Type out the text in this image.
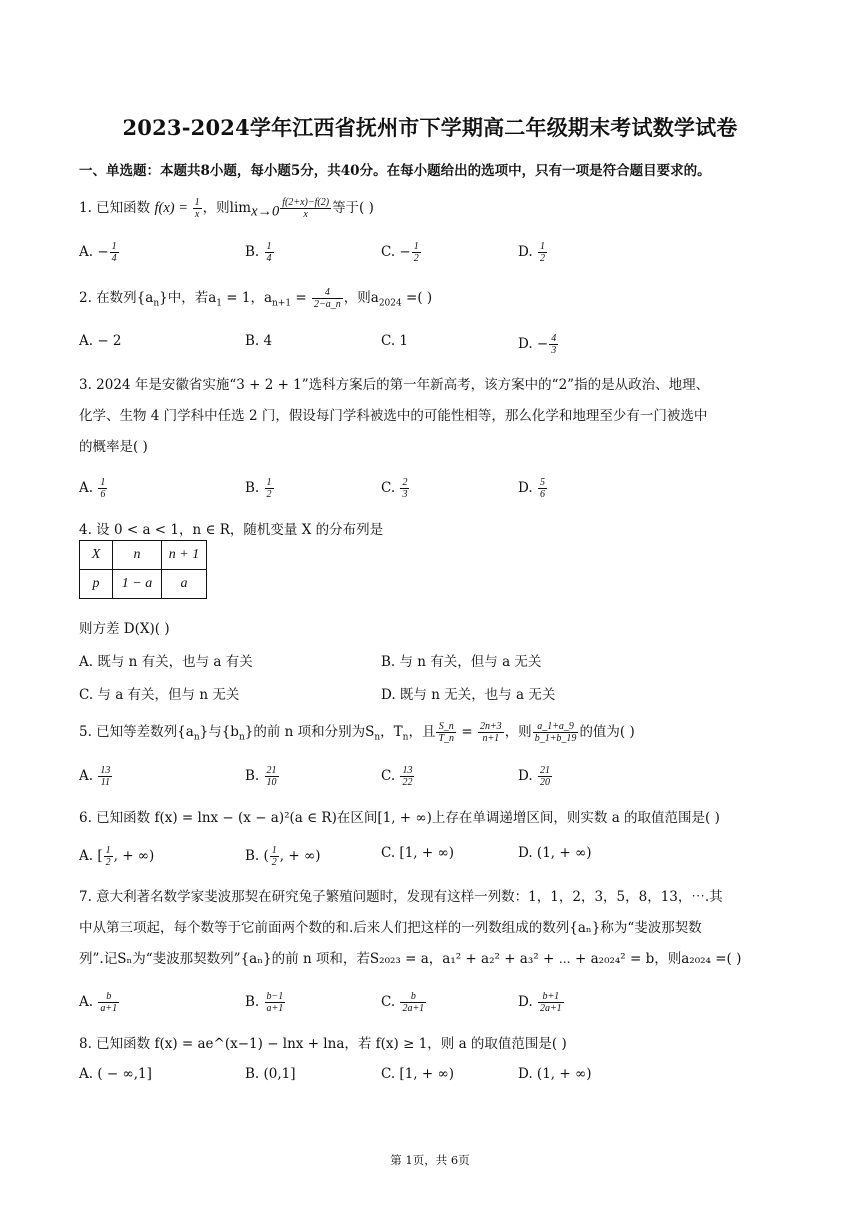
2023-2024学年江西省抚州市下学期高二年级期末考试数学试卷
一、单选题：本题共8小题，每小题5分，共40分。在每小题给出的选项中，只有一项是符合题目要求的。
1. 已知函数 $f(x) = \frac{1}{x}$ ，则$\lim_{x\to 0} \frac{f(2+x)-f(2)}{x}$ 等于( )
A. − $\frac{1}{4}$	B. $\frac{1}{4}$	C. − $\frac{1}{2}$	D. $\frac{1}{2}$
2. 在数列$\{a_n\}$中，若$a_1 = 1$，$a_{n+1} = \frac{4}{2-a\_n}$ ，则$a_{2024}$ =( )
A. − 2	B. 4	C. 1	D. − $\frac{4}{3}$
3. 2024 年是安徽省实施“3 + 2 + 1”选科方案后的第一年新高考，该方案中的“2”指的是从政治、地理、
化学、生物 4 门学科中任选 2 门，假设每门学科被选中的可能性相等，那么化学和地理至少有一门被选中
的概率是( )
A. $\frac{1}{6}$	B. $\frac{1}{2}$	C. $\frac{2}{3}$	D. $\frac{5}{6}$
4. 设 0 < a < 1，n ∈ R，随机变量 X 的分布列是
X	n	n + 1
p	1 − a	a
则方差 D(X)( )
A. 既与 n 有关，也与 a 有关	B. 与 n 有关，但与 a 无关
C. 与 a 有关，但与 n 无关	D. 既与 n 无关，也与 a 无关
5. 已知等差数列$\{a_n\}$与$\{b_n\}$的前 n 项和分别为$S_n$，$T_n$，且 $\frac{S\_n}{T\_n} = \frac{2n+3}{n+1}$ ，则 $\frac{a\_1+a\_9}{b\_1+b\_19}$ 的值为( )
A. $\frac{13}{11}$	B. $\frac{21}{10}$	C. $\frac{13}{22}$	D. $\frac{21}{20}$
6. 已知函数 f(x) = lnx − (x − a)²(a ∈ R)在区间[1, + ∞)上存在单调递增区间，则实数 a 的取值范围是( )
A. [ $\frac{1}{2}$ , + ∞)	B. ( $\frac{1}{2}$ , + ∞)	C. [1, + ∞)	D. (1, + ∞)
7. 意大利著名数学家斐波那契在研究兔子繁殖问题时，发现有这样一列数：1，1，2，3，5，8，13，⋯.其
中从第三项起，每个数等于它前面两个数的和.后来人们把这样的一列数组成的数列{aₙ}称为“斐波那契数
列”.记Sₙ为“斐波那契数列”{aₙ}的前 n 项和，若S₂₀₂₃ = a，a₁² + a₂² + a₃² + ⋯ + a₂₀₂₄² = b，则a₂₀₂₄ =( )
A. $\frac{b}{a+1}$	B. $\frac{b-1}{a+1}$	C. $\frac{b}{2a+1}$	D. $\frac{b+1}{2a+1}$
8. 已知函数 f(x) = ae^(x−1) − lnx + lna，若 f(x) ≥ 1，则 a 的取值范围是( )
A. ( − ∞,1]	B. (0,1]	C. [1, + ∞)	D. (1, + ∞)
第 1页，共 6页
